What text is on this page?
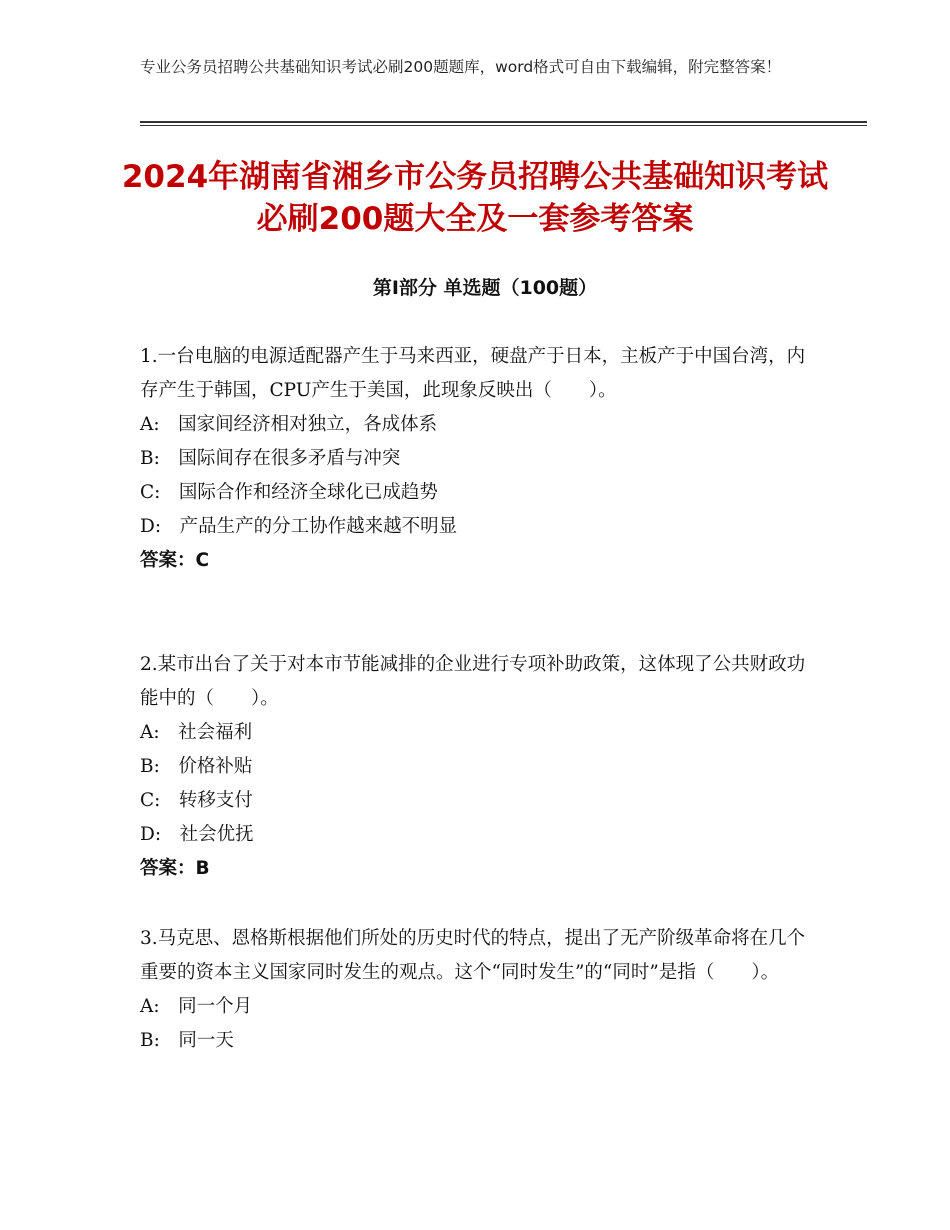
专业公务员招聘公共基础知识考试必刷200题题库，word格式可自由下载编辑，附完整答案！
2024年湖南省湘乡市公务员招聘公共基础知识考试必刷200题大全及一套参考答案
第Ⅰ部分 单选题（100题）

1.一台电脑的电源适配器产生于马来西亚，硬盘产于日本，主板产于中国台湾，内存产生于韩国，CPU产生于美国，此现象反映出（　　）。

A:　国家间经济相对独立，各成体系

B:　国际间存在很多矛盾与冲突

C:　国际合作和经济全球化已成趋势

D:　产品生产的分工协作越来越不明显

答案：C

2.某市出台了关于对本市节能减排的企业进行专项补助政策，这体现了公共财政功能中的（　　）。

A:　社会福利

B:　价格补贴

C:　转移支付

D:　社会优抚

答案：B

3.马克思、恩格斯根据他们所处的历史时代的特点，提出了无产阶级革命将在几个重要的资本主义国家同时发生的观点。这个“同时发生”的“同时”是指（　　）。

A:　同一个月

B:　同一天
